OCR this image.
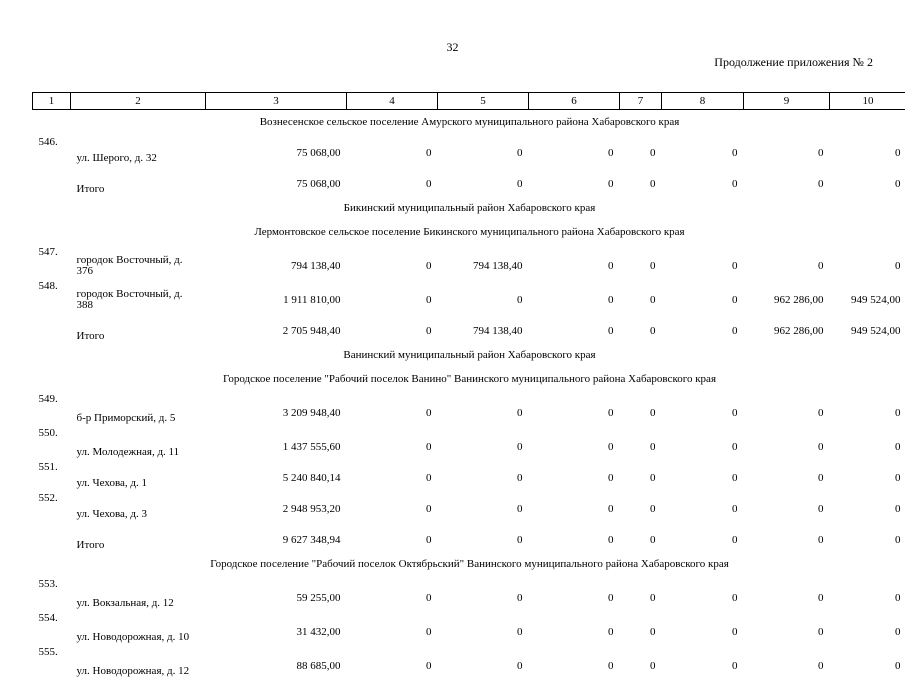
32
Продолжение приложения № 2
1	2	3	4	5	6	7	8	9	10
Вознесенское сельское поселение Амурского муниципального района Хабаровского края									
546.	ул. Шерого, д. 32	75 068,00	0	0	0	0	0	0	0
	Итого	75 068,00	0	0	0	0	0	0	0
Бикинский муниципальный район Хабаровского края									
Лермонтовское сельское поселение Бикинского муниципального района Хабаровского края									
547.	городок Восточный, д. 376	794 138,40	0	794 138,40	0	0	0	0	0
548.	городок Восточный, д. 388	1 911 810,00	0	0	0	0	0	962 286,00	949 524,00
	Итого	2 705 948,40	0	794 138,40	0	0	0	962 286,00	949 524,00
Ванинский муниципальный район Хабаровского края									
Городское поселение "Рабочий поселок Ванино" Ванинского муниципального района Хабаровского края									
549.	б-р Приморский, д. 5	3 209 948,40	0	0	0	0	0	0	0
550.	ул. Молодежная, д. 11	1 437 555,60	0	0	0	0	0	0	0
551.	ул. Чехова, д. 1	5 240 840,14	0	0	0	0	0	0	0
552.	ул. Чехова, д. 3	2 948 953,20	0	0	0	0	0	0	0
	Итого	9 627 348,94	0	0	0	0	0	0	0
Городское поселение "Рабочий поселок Октябрьский" Ванинского муниципального района Хабаровского края									
553.	ул. Вокзальная, д. 12	59 255,00	0	0	0	0	0	0	0
554.	ул. Новодорожная, д. 10	31 432,00	0	0	0	0	0	0	0
555.	ул. Новодорожная, д. 12	88 685,00	0	0	0	0	0	0	0
